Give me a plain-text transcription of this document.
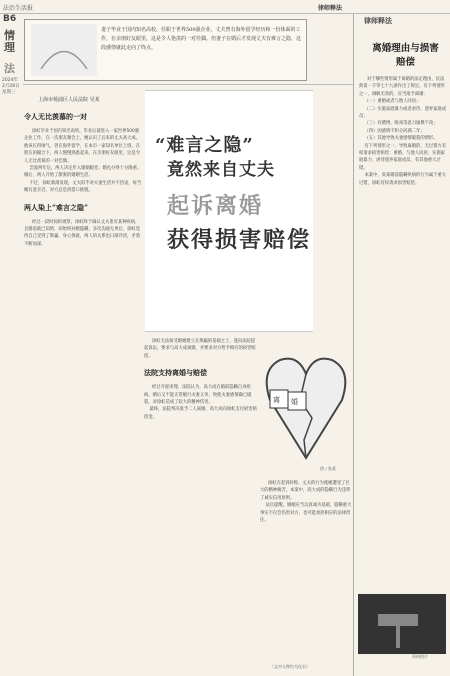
法治生活报	律师释法
B6
情理
法
2024年
2月28日
星期三
妻子毕业于国内知名高校，任职于世界500强企业，丈夫曾有海外留学经历和一份体面的工作，在亲朋好友眼里，这是令人艳羡的一对佳偶。但妻子在婚后才发现丈夫有难言之隐，这段感情就此走向了终点。
上海市杨浦区人民法院 吴某
令人无比羡慕的一对
徐虹毕业于国内知名高校，毕业后就进入一家世界500强企业工作。在一次朋友聚会上，她认识了后来的丈夫高大成。他该长得帅气，曾在海外留学，在本市一家知名单位上班。在朋友的撮合下，两人慢慢熟悉起来。在亲朋好友眼里，这是令人无比羡慕的一对佳偶。
恋爱两年后，两人决定步入婚姻殿堂。婚礼办得十分隆重。婚后，两人开始了甜蜜的婚姻生活。
不过，徐虹渐渐发现，丈夫似乎对夫妻生活并不热衷，每当她有意亲近，对方总是找借口推脱。
两人染上“难言之隐”
经过一段时间的观察，徐虹终于确认丈夫患有某种疾病，且婚前就已知情，却始终对她隐瞒。多次沟通无果后，徐虹觉得自己受到了欺骗，身心俱疲，两人的关系也日渐冷淡，矛盾不断加深。
“难言之隐”
竟然来自丈夫
起诉离婚
获得损害赔偿
离 婚
图 / 张某
徐虹无法接受婚姻建立在欺骗的基础之上，遂向法院提起诉讼，要求与高大成离婚，并要求对方给予相应的损害赔偿。
法院支持离婚与赔偿
经过开庭审理，法院认为，高大成在婚前隐瞒自身疾病，婚后又不能正常履行夫妻义务，致使夫妻感情确已破裂，对徐虹造成了较大的精神伤害。
最终，法院判决准予二人离婚，高大成向徐虹支付损害赔偿金。
徐虹在起诉时称，丈夫的行为使她遭受了巨大的精神痛苦。本案中，高大成的隐瞒行为违背了诚实信用原则。
法官提醒，婚姻应当以真诚为基础，隐瞒重大事实不仅会伤害对方，也可能承担相应的法律责任。
律师释法
离婚理由与损害赔偿
对于哪些情形属于离婚的法定理由，民法典第一千零七十九条作出了规定。有下列情形之一，调解无效的，应当准予离婚：
（一）重婚或者与他人同居；
（二）实施家庭暴力或者虐待、遗弃家庭成员；
（三）有赌博、吸毒等恶习屡教不改；
（四）因感情不和分居满二年；
（五）其他导致夫妻感情破裂的情形。
有下列情形之一，导致离婚的，无过错方有权请求损害赔偿：重婚、与他人同居、实施家庭暴力、虐待遗弃家庭成员、有其他重大过错。
本案中，高某婚前隐瞒疾病的行为属于重大过错，徐虹有权请求损害赔偿。
资料图片
（文中人物均为化名）
